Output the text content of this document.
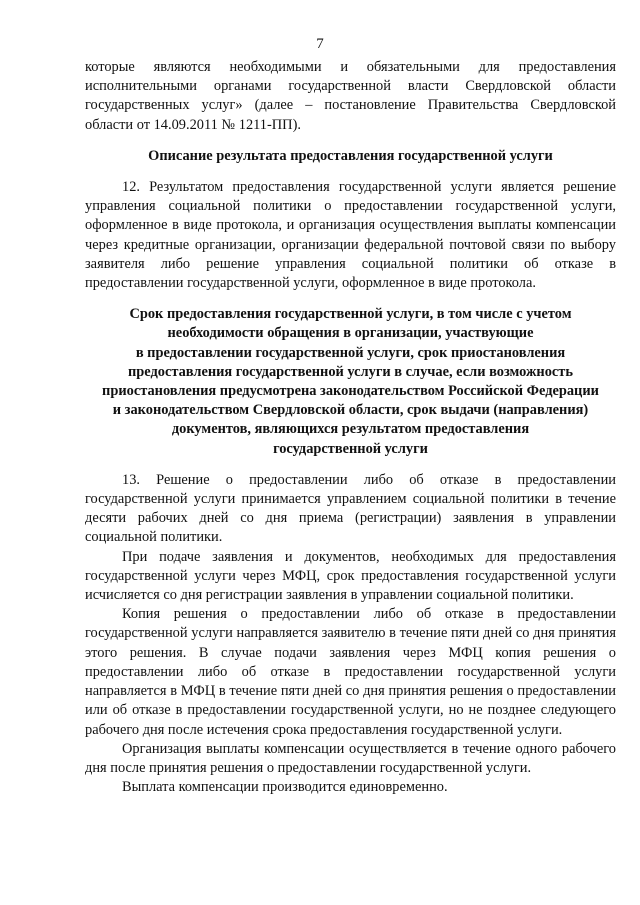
7

которые являются необходимыми и обязательными для предоставления исполнительными органами государственной власти Свердловской области государственных услуг» (далее – постановление Правительства Свердловской области от 14.09.2011 № 1211-ПП).

Описание результата предоставления государственной услуги

12. Результатом предоставления государственной услуги является решение управления социальной политики о предоставлении государственной услуги, оформленное в виде протокола, и организация осуществления выплаты компенсации через кредитные организации, организации федеральной почтовой связи по выбору заявителя либо решение управления социальной политики об отказе в предоставлении государственной услуги, оформленное в виде протокола.

Срок предоставления государственной услуги, в том числе с учетом
необходимости обращения в организации, участвующие
в предоставлении государственной услуги, срок приостановления
предоставления государственной услуги в случае, если возможность
приостановления предусмотрена законодательством Российской Федерации
и законодательством Свердловской области, срок выдачи (направления)
документов, являющихся результатом предоставления
государственной услуги

13. Решение о предоставлении либо об отказе в предоставлении государственной услуги принимается управлением социальной политики в течение десяти рабочих дней со дня приема (регистрации) заявления в управлении социальной политики.

При подаче заявления и документов, необходимых для предоставления государственной услуги через МФЦ, срок предоставления государственной услуги исчисляется со дня регистрации заявления в управлении социальной политики.

Копия решения о предоставлении либо об отказе в предоставлении государственной услуги направляется заявителю в течение пяти дней со дня принятия этого решения. В случае подачи заявления через МФЦ копия решения о предоставлении либо об отказе в предоставлении государственной услуги направляется в МФЦ в течение пяти дней со дня принятия решения о предоставлении или об отказе в предоставлении государственной услуги, но не позднее следующего рабочего дня после истечения срока предоставления государственной услуги.

Организация выплаты компенсации осуществляется в течение одного рабочего дня после принятия решения о предоставлении государственной услуги.

Выплата компенсации производится единовременно.
